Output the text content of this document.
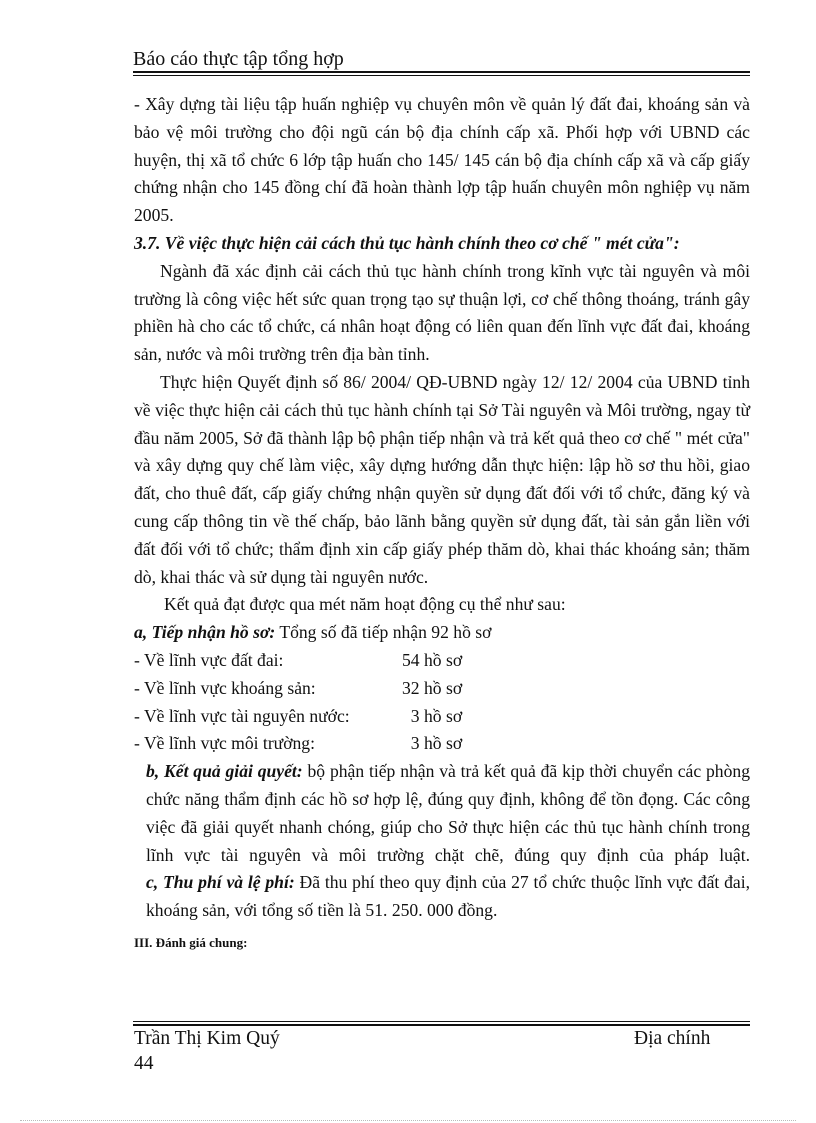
Báo cáo thực tập tổng hợp

- Xây dựng tài liệu tập huấn nghiệp vụ chuyên môn về quản lý đất đai, khoáng sản và bảo vệ môi trường cho đội ngũ cán bộ địa chính cấp xã. Phối hợp với UBND các huyện, thị xã tổ chức 6 lớp tập huấn cho 145/ 145 cán bộ địa chính cấp xã và cấp giấy chứng nhận cho 145 đồng chí đã hoàn thành lợp tập huấn chuyên môn nghiệp vụ năm 2005.

3.7. Về việc thực hiện cải cách thủ tục hành chính theo cơ chế " mét cửa":

Ngành đã xác định cải cách thủ tục hành chính trong kĩnh vực tài nguyên và môi trường là công việc hết sức quan trọng tạo sự thuận lợi, cơ chế thông thoáng, tránh gây phiền hà cho các tổ chức, cá nhân hoạt động có liên quan đến lĩnh vực đất đai, khoáng sản, nước và môi trường trên địa bàn tỉnh.

Thực hiện Quyết định số 86/ 2004/ QĐ-UBND ngày 12/ 12/ 2004 của UBND tỉnh về việc thực hiện cải cách thủ tục hành chính tại Sở Tài nguyên và Môi trường, ngay từ đầu năm 2005, Sở đã thành lập bộ phận tiếp nhận và trả kết quả theo cơ chế " mét cửa" và xây dựng quy chế làm việc, xây dựng hướng dẫn thực hiện: lập hồ sơ thu hồi, giao đất, cho thuê đất, cấp giấy chứng nhận quyền sử dụng đất đối với tổ chức, đăng ký và cung cấp thông tin về thế chấp, bảo lãnh bằng quyền sử dụng đất, tài sản gắn liền với đất đối với tổ chức; thẩm định xin cấp giấy phép thăm dò, khai thác khoáng sản; thăm dò, khai thác và sử dụng tài nguyên nước.

Kết quả đạt được qua mét năm hoạt động cụ thể như sau:

a, Tiếp nhận hồ sơ: Tổng số đã tiếp nhận 92 hồ sơ

- Về lĩnh vực đất đai:	54 hồ sơ
- Về lĩnh vực khoáng sản:	32 hồ sơ
- Về lĩnh vực tài nguyên nước:	3 hồ sơ
- Về lĩnh vực môi trường:	3 hồ sơ

b, Kết quả giải quyết: bộ phận tiếp nhận và trả kết quả đã kịp thời chuyển các phòng chức năng thẩm định các hồ sơ hợp lệ, đúng quy định, không để tồn đọng. Các công việc đã giải quyết nhanh chóng, giúp cho Sở thực hiện các thủ tục hành chính trong lĩnh vực tài nguyên và môi trường chặt chẽ, đúng quy định của pháp luật.

c, Thu phí và lệ phí: Đã thu phí theo quy định của 27 tổ chức thuộc lĩnh vực đất đai, khoáng sản, với tổng số tiền là 51. 250. 000 đồng.

III. Đánh giá chung:
Trần Thị Kim Quý	Địa chính
44
